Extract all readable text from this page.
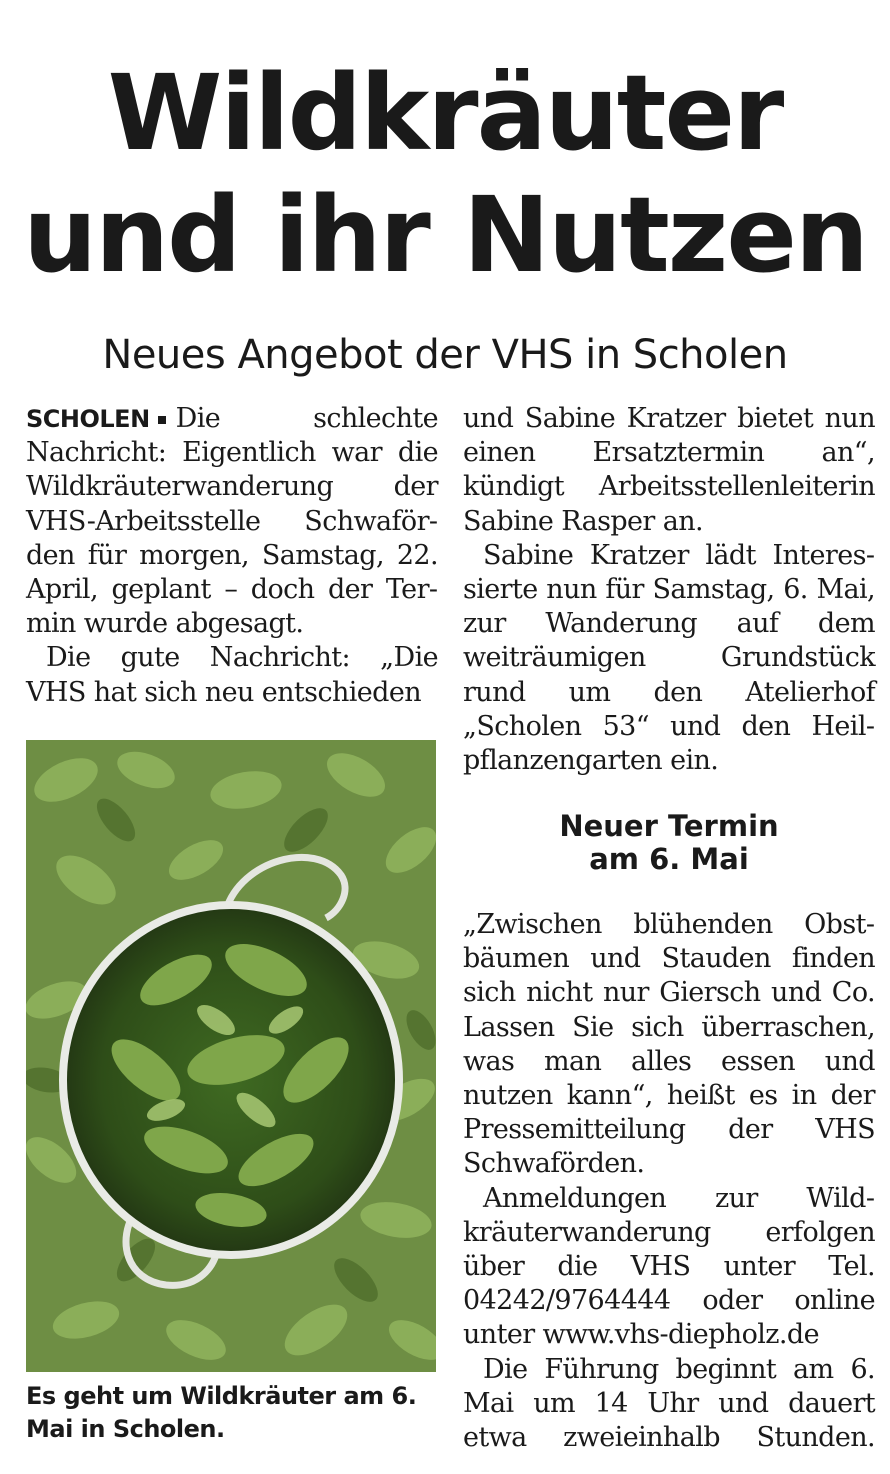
Wildkräuter
und ihr Nutzen
Neues Angebot der VHS in Scholen

SCHOLEN Die schlechte Nachricht: Eigentlich war die Wildkräuterwanderung der VHS-Arbeitsstelle Schwaförden für morgen, Samstag, 22. April, geplant – doch der Termin wurde abgesagt.

Die gute Nachricht: „Die VHS hat sich neu entschieden

Es geht um Wildkräuter am 6.
Mai in Scholen.

und Sabine Kratzer bietet nun einen Ersatztermin an“, kündigt Arbeitsstellenleiterin Sabine Rasper an.

Sabine Kratzer lädt Interessierte nun für Samstag, 6. Mai, zur Wanderung auf dem weiträumigen Grundstück rund um den Atelierhof „Scholen 53“ und den Heilpflanzengarten ein.

Neuer Termin
am 6. Mai

„Zwischen blühenden Obstbäumen und Stauden finden sich nicht nur Giersch und Co. Lassen Sie sich überraschen, was man alles essen und nutzen kann“, heißt es in der Pressemitteilung der VHS Schwaförden.

Anmeldungen zur Wildkräuterwanderung erfolgen über die VHS unter Tel. 04242/9764444 oder online unter www.vhs-diepholz.de

Die Führung beginnt am 6. Mai um 14 Uhr und dauert etwa zweieinhalb Stunden.
